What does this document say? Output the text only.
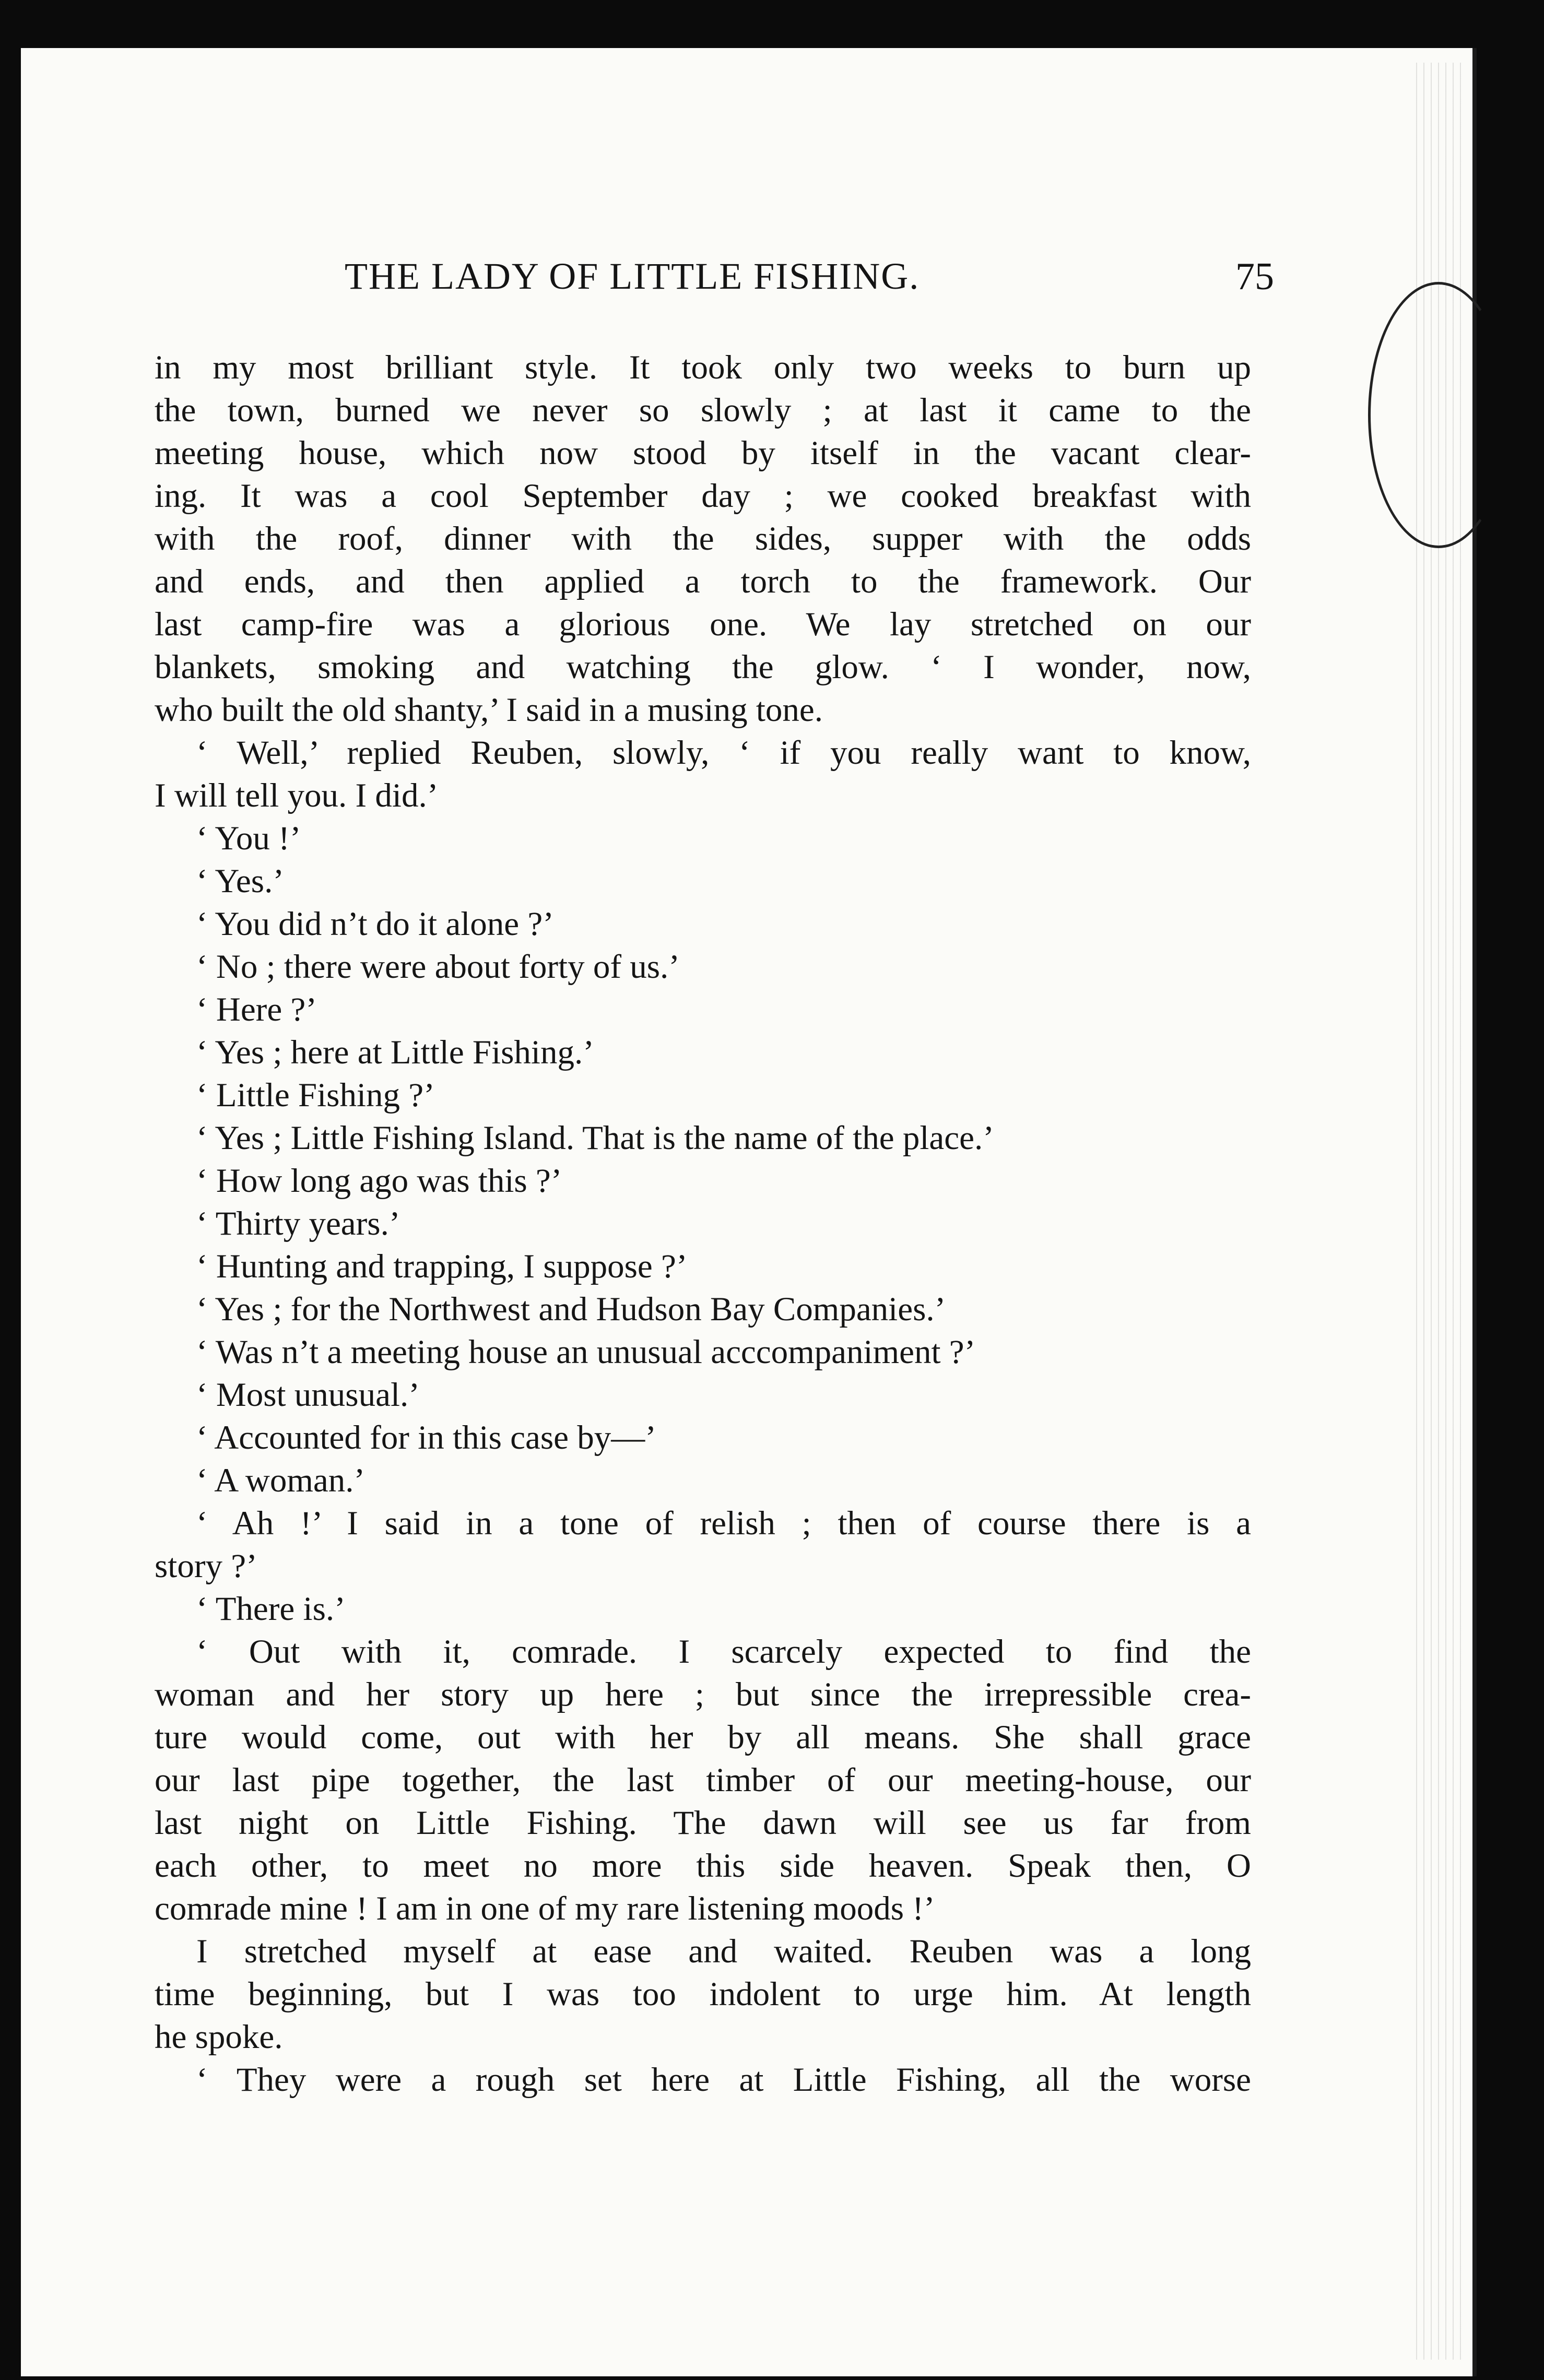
THE LADY OF LITTLE FISHING.	75
in my most brilliant style. It took only two weeks to burn up
the town, burned we never so slowly ; at last it came to the
meeting house, which now stood by itself in the vacant clear-
ing. It was a cool September day ; we cooked breakfast with
with the roof, dinner with the sides, supper with the odds
and ends, and then applied a torch to the framework. Our
last camp-fire was a glorious one. We lay stretched on our
blankets, smoking and watching the glow. ‘ I wonder, now,
who built the old shanty,’ I said in a musing tone.
‘ Well,’ replied Reuben, slowly, ‘ if you really want to know,
I will tell you. I did.’
‘ You !’
‘ Yes.’
‘ You did n’t do it alone ?’
‘ No ; there were about forty of us.’
‘ Here ?’
‘ Yes ; here at Little Fishing.’
‘ Little Fishing ?’
‘ Yes ; Little Fishing Island. That is the name of the place.’
‘ How long ago was this ?’
‘ Thirty years.’
‘ Hunting and trapping, I suppose ?’
‘ Yes ; for the Northwest and Hudson Bay Companies.’
‘ Was n’t a meeting house an unusual acccompaniment ?’
‘ Most unusual.’
‘ Accounted for in this case by—’
‘ A woman.’
‘ Ah !’ I said in a tone of relish ; then of course there is a
story ?’
‘ There is.’
‘ Out with it, comrade. I scarcely expected to find the
woman and her story up here ; but since the irrepressible crea-
ture would come, out with her by all means. She shall grace
our last pipe together, the last timber of our meeting-house, our
last night on Little Fishing. The dawn will see us far from
each other, to meet no more this side heaven. Speak then, O
comrade mine ! I am in one of my rare listening moods !’
I stretched myself at ease and waited. Reuben was a long
time beginning, but I was too indolent to urge him. At length
he spoke.
‘ They were a rough set here at Little Fishing, all the worse
